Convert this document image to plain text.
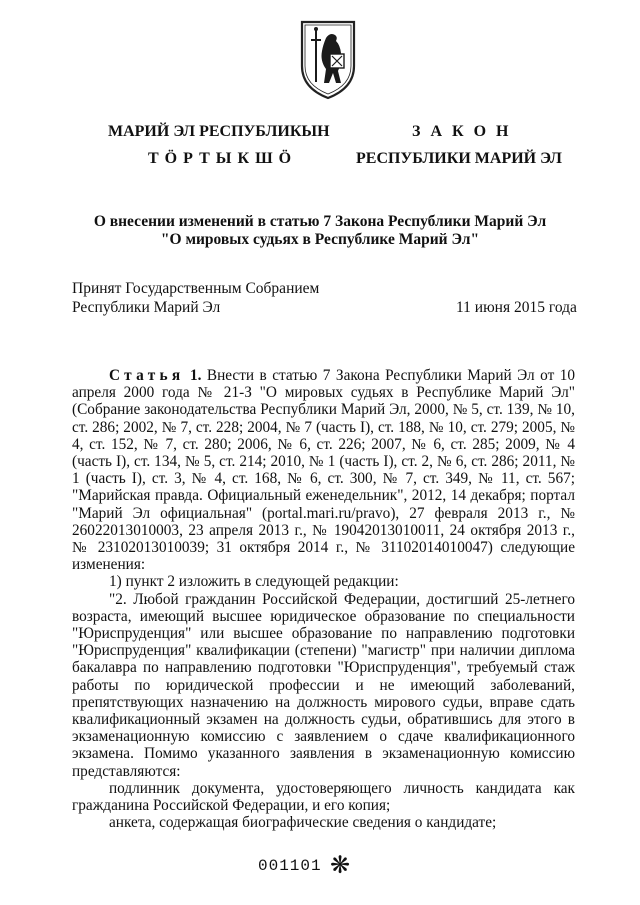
МАРИЙ ЭЛ РЕСПУБЛИКЫН
ТӦРТЫКШӦ
З А К О Н
РЕСПУБЛИКИ МАРИЙ ЭЛ
О внесении изменений в статью 7 Закона Республики Марий Эл
"О мировых судьях в Республике Марий Эл"
Принят Государственным Собранием
Республики Марий Эл	11 июня 2015 года

Статья 1. Внести в статью 7 Закона Республики Марий Эл от 10 апреля 2000 года № 21-З "О мировых судьях в Республике Марий Эл" (Собрание законодательства Республики Марий Эл, 2000, № 5, ст. 139, № 10, ст. 286; 2002, № 7, ст. 228; 2004, № 7 (часть I), ст. 188, № 10, ст. 279; 2005, № 4, ст. 152, № 7, ст. 280; 2006, № 6, ст. 226; 2007, № 6, ст. 285; 2009, № 4 (часть I), ст. 134, № 5, ст. 214; 2010, № 1 (часть I), ст. 2, № 6, ст. 286; 2011, № 1 (часть I), ст. 3, № 4, ст. 168, № 6, ст. 300, № 7, ст. 349, № 11, ст. 567; "Марийская правда. Официальный еженедельник", 2012, 14 декабря; портал "Марий Эл официальная" (portal.mari.ru/pravo), 27 февраля 2013 г., № 26022013010003, 23 апреля 2013 г., № 19042013010011, 24 октября 2013 г., № 23102013010039; 31 октября 2014 г., № 31102014010047) следующие изменения:

1) пункт 2 изложить в следующей редакции:

"2. Любой гражданин Российской Федерации, достигший 25-летнего возраста, имеющий высшее юридическое образование по специальности "Юриспруденция" или высшее образование по направлению подготовки "Юриспруденция" квалификации (степени) "магистр" при наличии диплома бакалавра по направлению подготовки "Юриспруденция", требуемый стаж работы по юридической профессии и не имеющий заболеваний, препятствующих назначению на должность мирового судьи, вправе сдать квалификационный экзамен на должность судьи, обратившись для этого в экзаменационную комиссию с заявлением о сдаче квалификационного экзамена. Помимо указанного заявления в экзаменационную комиссию представляются:

подлинник документа, удостоверяющего личность кандидата как гражданина Российской Федерации, и его копия;

анкета, содержащая биографические сведения о кандидате;

001101 ❋
